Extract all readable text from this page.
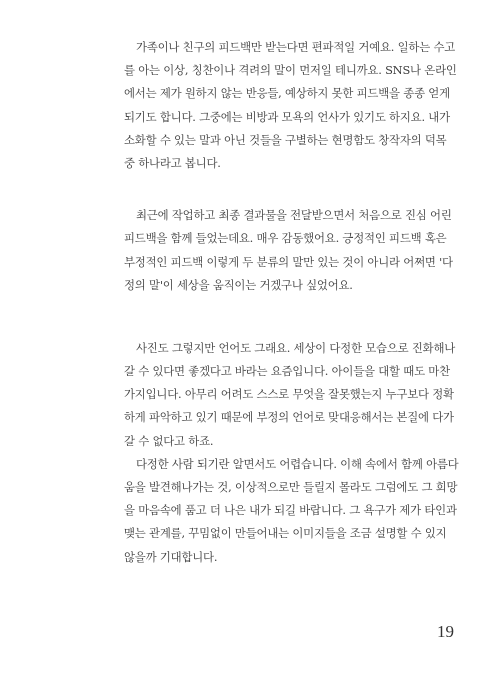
가족이나 친구의 피드백만 받는다면 편파적일 거예요. 일하는 수고
를 아는 이상, 칭찬이나 격려의 말이 먼저일 테니까요. SNS나 온라인
에서는 제가 원하지 않는 반응들, 예상하지 못한 피드백을 종종 얻게
되기도 합니다. 그중에는 비방과 모욕의 언사가 있기도 하지요. 내가
소화할 수 있는 말과 아닌 것들을 구별하는 현명함도 창작자의 덕목
중 하나라고 봅니다.
최근에 작업하고 최종 결과물을 전달받으면서 처음으로 진심 어린
피드백을 함께 들었는데요. 매우 감동했어요. 긍정적인 피드백 혹은
부정적인 피드백 이렇게 두 분류의 말만 있는 것이 아니라 어쩌면 '다
정의 말'이 세상을 움직이는 거겠구나 싶었어요.
사진도 그렇지만 언어도 그래요. 세상이 다정한 모습으로 진화해나
갈 수 있다면 좋겠다고 바라는 요즘입니다. 아이들을 대할 때도 마찬
가지입니다. 아무리 어려도 스스로 무엇을 잘못했는지 누구보다 정확
하게 파악하고 있기 때문에 부정의 언어로 맞대응해서는 본질에 다가
갈 수 없다고 하죠.
다정한 사람 되기란 알면서도 어렵습니다. 이해 속에서 함께 아름다
움을 발견해나가는 것, 이상적으로만 들릴지 몰라도 그럼에도 그 희망
을 마음속에 품고 더 나은 내가 되길 바랍니다. 그 욕구가 제가 타인과
맺는 관계를, 꾸밈없이 만들어내는 이미지들을 조금 설명할 수 있지
않을까 기대합니다.
19
